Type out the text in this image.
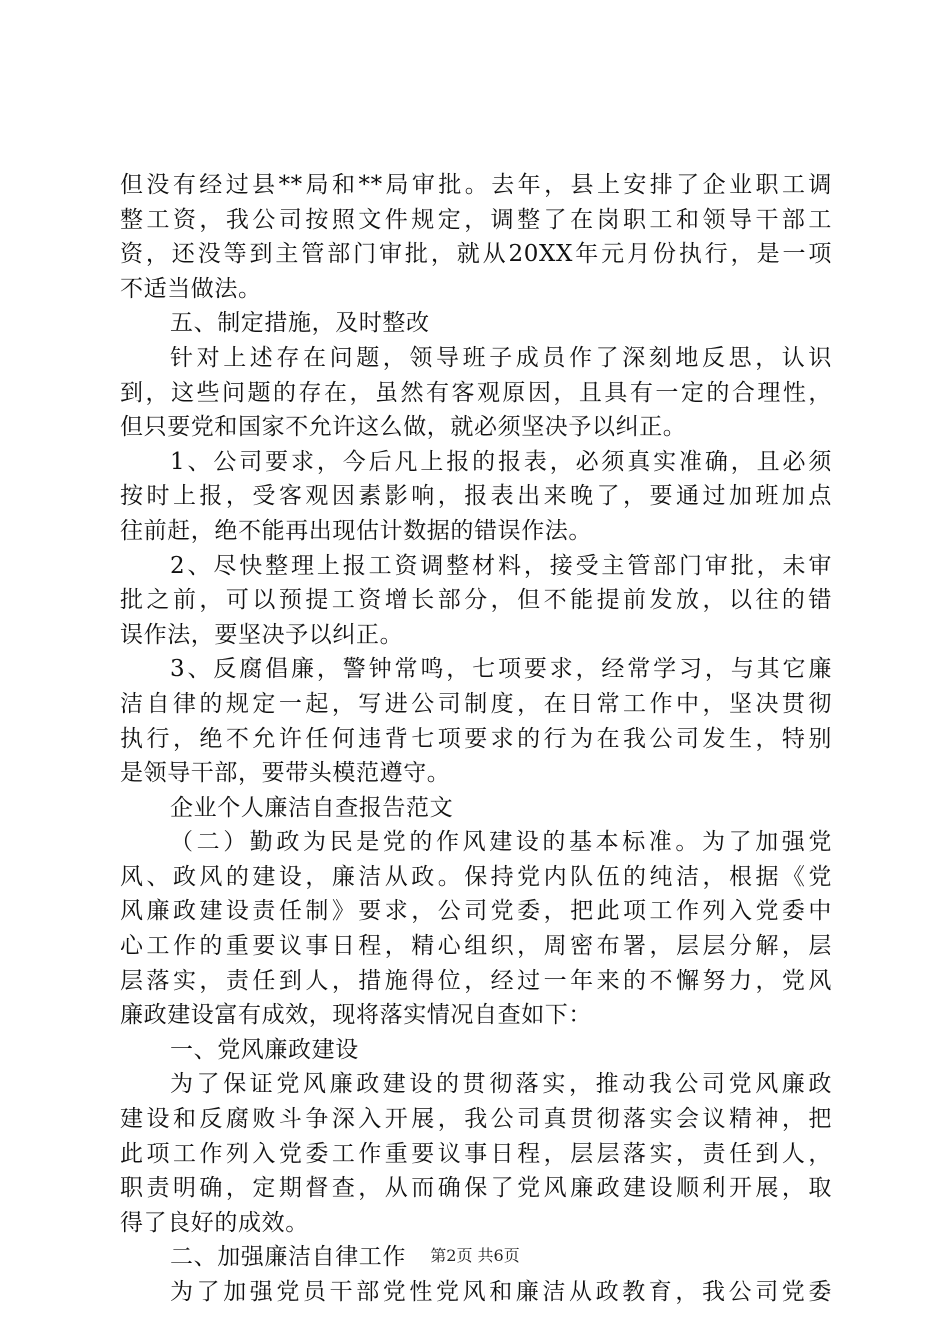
但没有经过县**局和**局审批。去年，县上安排了企业职工调
整工资，我公司按照文件规定，调整了在岗职工和领导干部工
资，还没等到主管部门审批，就从20XX年元月份执行，是一项
不适当做法。
五、制定措施，及时整改
针对上述存在问题，领导班子成员作了深刻地反思，认识
到，这些问题的存在，虽然有客观原因，且具有一定的合理性，
但只要党和国家不允许这么做，就必须坚决予以纠正。
1、公司要求，今后凡上报的报表，必须真实准确，且必须
按时上报，受客观因素影响，报表出来晚了，要通过加班加点
往前赶，绝不能再出现估计数据的错误作法。
2、尽快整理上报工资调整材料，接受主管部门审批，未审
批之前，可以预提工资增长部分，但不能提前发放，以往的错
误作法，要坚决予以纠正。
3、反腐倡廉，警钟常鸣，七项要求，经常学习，与其它廉
洁自律的规定一起，写进公司制度，在日常工作中，坚决贯彻
执行，绝不允许任何违背七项要求的行为在我公司发生，特别
是领导干部，要带头模范遵守。
企业个人廉洁自查报告范文
（二）勤政为民是党的作风建设的基本标准。为了加强党
风、政风的建设，廉洁从政。保持党内队伍的纯洁，根据《党
风廉政建设责任制》要求，公司党委，把此项工作列入党委中
心工作的重要议事日程，精心组织，周密布署，层层分解，层
层落实，责任到人，措施得位，经过一年来的不懈努力，党风
廉政建设富有成效，现将落实情况自查如下：
一、党风廉政建设
为了保证党风廉政建设的贯彻落实，推动我公司党风廉政
建设和反腐败斗争深入开展，我公司真贯彻落实会议精神，把
此项工作列入党委工作重要议事日程，层层落实，责任到人，
职责明确，定期督查，从而确保了党风廉政建设顺利开展，取
得了良好的成效。
二、加强廉洁自律工作
为了加强党员干部党性党风和廉洁从政教育，我公司党委
第2页 共6页
